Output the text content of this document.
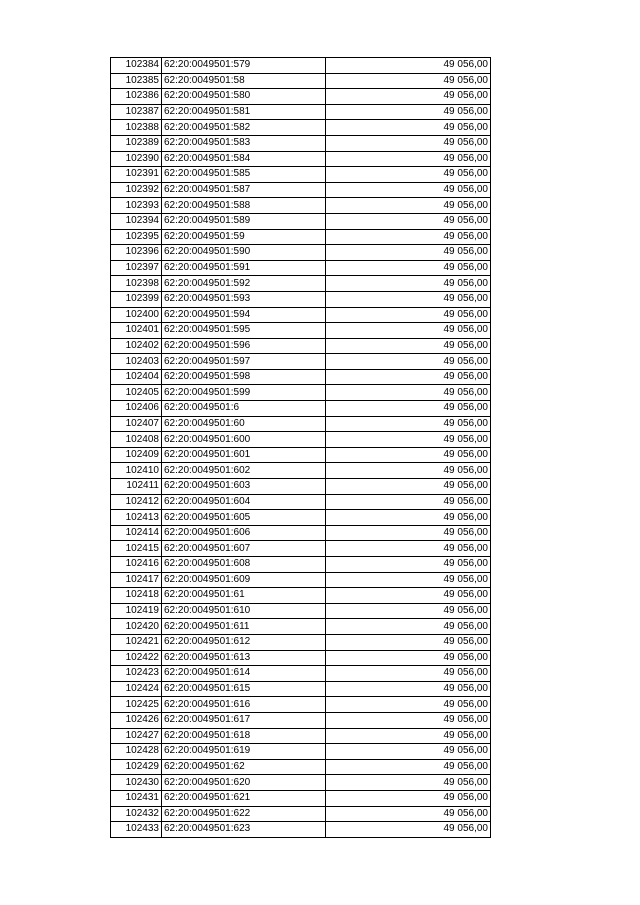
102384	62:20:0049501:579	49 056,00
102385	62:20:0049501:58	49 056,00
102386	62:20:0049501:580	49 056,00
102387	62:20:0049501:581	49 056,00
102388	62:20:0049501:582	49 056,00
102389	62:20:0049501:583	49 056,00
102390	62:20:0049501:584	49 056,00
102391	62:20:0049501:585	49 056,00
102392	62:20:0049501:587	49 056,00
102393	62:20:0049501:588	49 056,00
102394	62:20:0049501:589	49 056,00
102395	62:20:0049501:59	49 056,00
102396	62:20:0049501:590	49 056,00
102397	62:20:0049501:591	49 056,00
102398	62:20:0049501:592	49 056,00
102399	62:20:0049501:593	49 056,00
102400	62:20:0049501:594	49 056,00
102401	62:20:0049501:595	49 056,00
102402	62:20:0049501:596	49 056,00
102403	62:20:0049501:597	49 056,00
102404	62:20:0049501:598	49 056,00
102405	62:20:0049501:599	49 056,00
102406	62:20:0049501:6	49 056,00
102407	62:20:0049501:60	49 056,00
102408	62:20:0049501:600	49 056,00
102409	62:20:0049501:601	49 056,00
102410	62:20:0049501:602	49 056,00
102411	62:20:0049501:603	49 056,00
102412	62:20:0049501:604	49 056,00
102413	62:20:0049501:605	49 056,00
102414	62:20:0049501:606	49 056,00
102415	62:20:0049501:607	49 056,00
102416	62:20:0049501:608	49 056,00
102417	62:20:0049501:609	49 056,00
102418	62:20:0049501:61	49 056,00
102419	62:20:0049501:610	49 056,00
102420	62:20:0049501:611	49 056,00
102421	62:20:0049501:612	49 056,00
102422	62:20:0049501:613	49 056,00
102423	62:20:0049501:614	49 056,00
102424	62:20:0049501:615	49 056,00
102425	62:20:0049501:616	49 056,00
102426	62:20:0049501:617	49 056,00
102427	62:20:0049501:618	49 056,00
102428	62:20:0049501:619	49 056,00
102429	62:20:0049501:62	49 056,00
102430	62:20:0049501:620	49 056,00
102431	62:20:0049501:621	49 056,00
102432	62:20:0049501:622	49 056,00
102433	62:20:0049501:623	49 056,00
